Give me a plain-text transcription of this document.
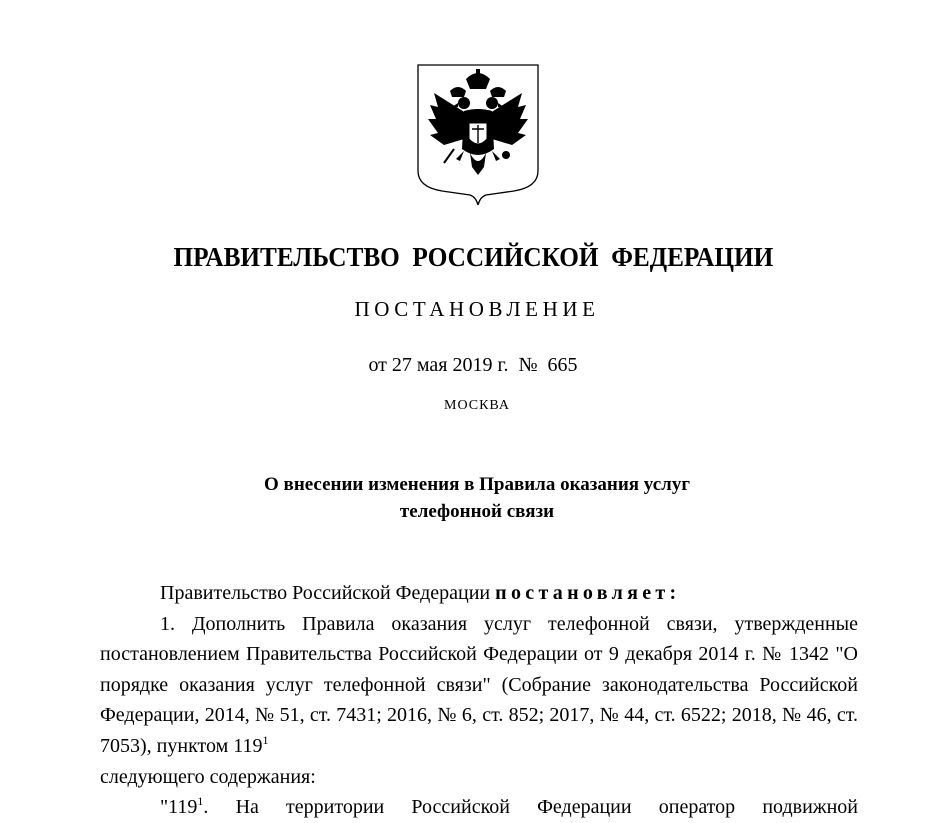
ПРАВИТЕЛЬСТВО  РОССИЙСКОЙ  ФЕДЕРАЦИИ
ПОСТАНОВЛЕНИЕ
от 27 мая 2019 г.  №  665
МОСКВА
О внесении изменения в Правила оказания услуг
телефонной связи

Правительство Российской Федерации постановляет:

1. Дополнить Правила оказания услуг телефонной связи, утвержденные постановлением Правительства Российской Федерации от 9 декабря 2014 г. № 1342 "О порядке оказания услуг телефонной связи" (Собрание законодательства Российской Федерации, 2014, № 51, ст. 7431; 2016, № 6, ст. 852; 2017, № 44, ст. 6522; 2018, № 46, ст. 7053), пунктом $119^1$
следующего содержания:

"$119^1$. На территории Российской Федерации оператор подвижной
